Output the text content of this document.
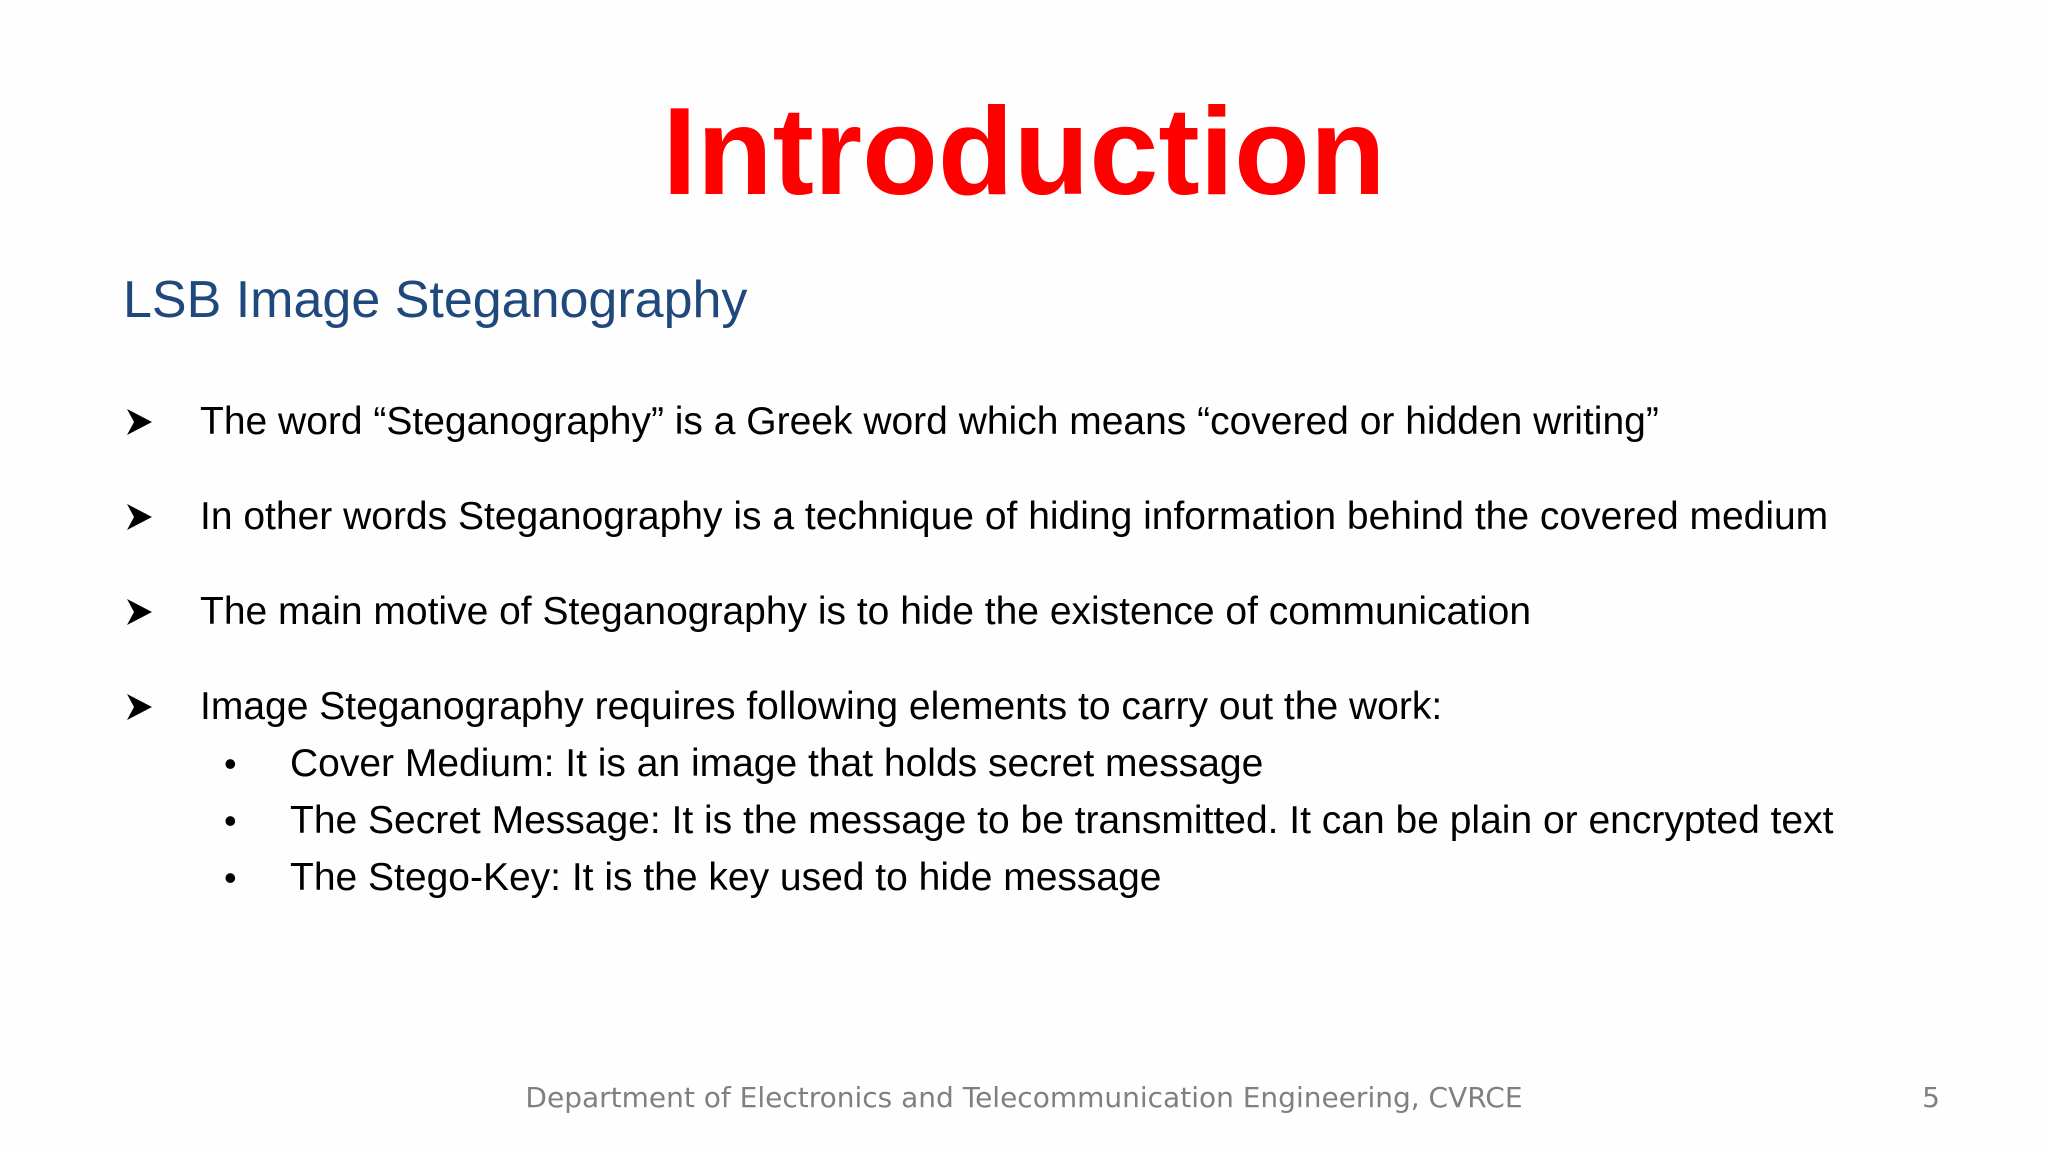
Introduction
LSB Image Steganography
The word “Steganography” is a Greek word which means “covered or hidden writing”
In other words Steganography is a technique of hiding information behind the covered medium
The main motive of Steganography is to hide the existence of communication
Image Steganography requires following elements to carry out the work:
• Cover Medium: It is an image that holds secret message
• The Secret Message: It is the message to be transmitted. It can be plain or encrypted text
• The Stego-Key: It is the key used to hide message
Department of Electronics and Telecommunication Engineering, CVRCE	5
